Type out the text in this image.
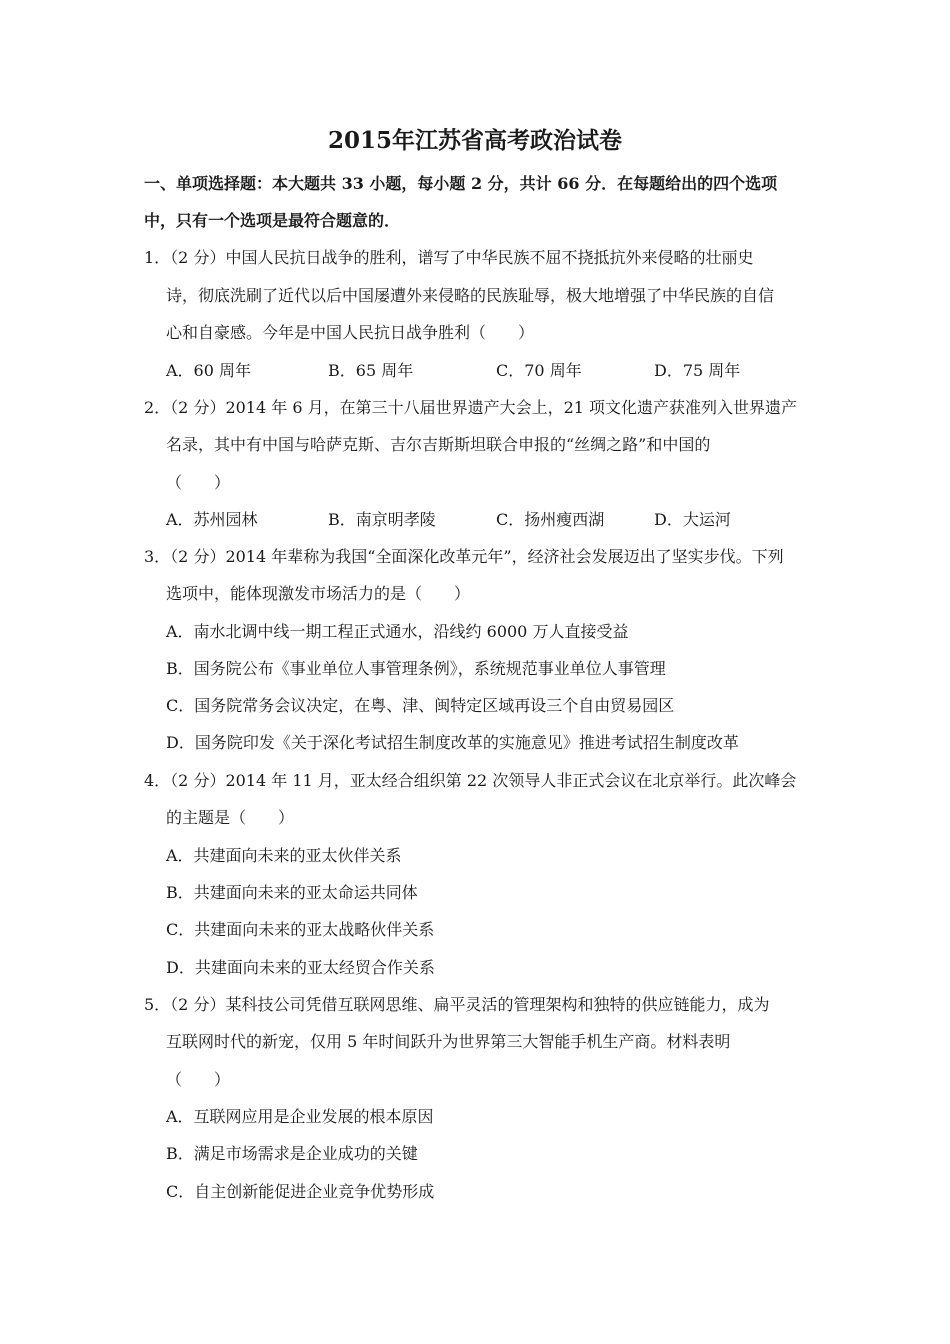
2015年江苏省高考政治试卷
一、单项选择题：本大题共 33 小题，每小题 2 分，共计 66 分．在每题给出的四个选项
中，只有一个选项是最符合题意的．
1．（2 分）中国人民抗日战争的胜利，谱写了中华民族不屈不挠抵抗外来侵略的壮丽史
诗，彻底洗刷了近代以后中国屡遭外来侵略的民族耻辱，极大地增强了中华民族的自信
心和自豪感。今年是中国人民抗日战争胜利（　　）
A．60 周年	B．65 周年	C．70 周年	D．75 周年
2．（2 分）2014 年 6 月，在第三十八届世界遗产大会上，21 项文化遗产获准列入世界遗产
名录，其中有中国与哈萨克斯、吉尔吉斯斯坦联合申报的“丝绸之路”和中国的
（　　）
A．苏州园林	B．南京明孝陵	C．扬州瘦西湖	D．大运河
3．（2 分）2014 年辈称为我国“全面深化改革元年”，经济社会发展迈出了坚实步伐。下列
选项中，能体现激发市场活力的是（　　）
A．南水北调中线一期工程正式通水，沿线约 6000 万人直接受益
B．国务院公布《事业单位人事管理条例》，系统规范事业单位人事管理
C．国务院常务会议决定，在粤、津、闽特定区域再设三个自由贸易园区
D．国务院印发《关于深化考试招生制度改革的实施意见》推进考试招生制度改革
4．（2 分）2014 年 11 月，亚太经合组织第 22 次领导人非正式会议在北京举行。此次峰会
的主题是（　　）
A．共建面向未来的亚太伙伴关系
B．共建面向未来的亚太命运共同体
C．共建面向未来的亚太战略伙伴关系
D．共建面向未来的亚太经贸合作关系
5．（2 分）某科技公司凭借互联网思维、扁平灵活的管理架构和独特的供应链能力，成为
互联网时代的新宠，仅用 5 年时间跃升为世界第三大智能手机生产商。材料表明
（　　）
A．互联网应用是企业发展的根本原因
B．满足市场需求是企业成功的关键
C．自主创新能促进企业竞争优势形成
